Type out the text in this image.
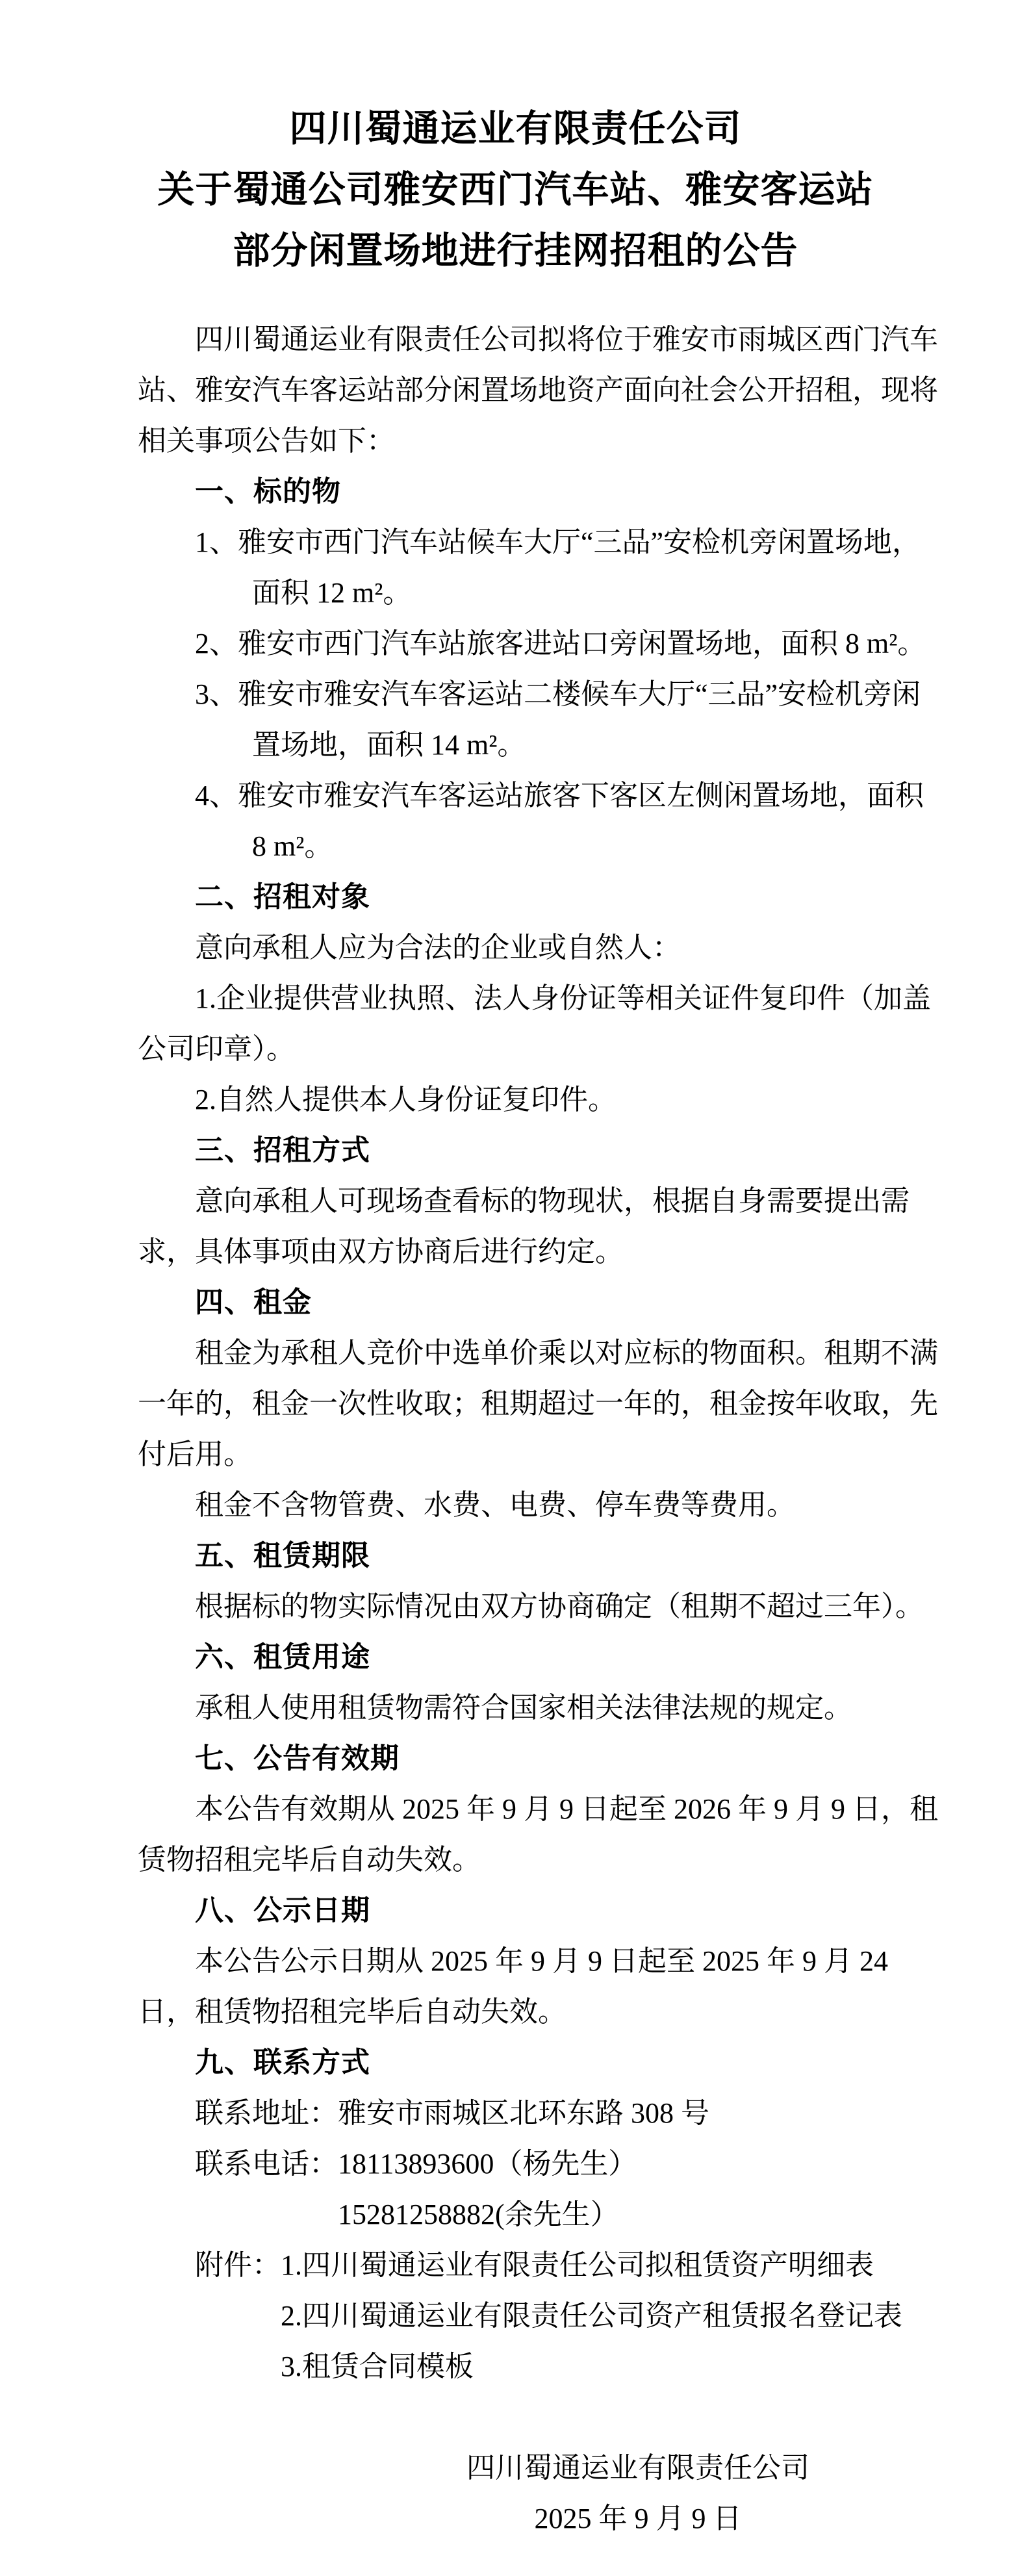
四川蜀通运业有限责任公司
关于蜀通公司雅安西门汽车站、雅安客运站
部分闲置场地进行挂网招租的公告

四川蜀通运业有限责任公司拟将位于雅安市雨城区西门汽车站、雅安汽车客运站部分闲置场地资产面向社会公开招租，现将相关事项公告如下：

一、标的物

1、雅安市西门汽车站候车大厅“三品”安检机旁闲置场地，面积 12 m²。

2、雅安市西门汽车站旅客进站口旁闲置场地，面积 8 m²。

3、雅安市雅安汽车客运站二楼候车大厅“三品”安检机旁闲置场地，面积 14 m²。

4、雅安市雅安汽车客运站旅客下客区左侧闲置场地，面积 8 m²。

二、招租对象

意向承租人应为合法的企业或自然人：

1.企业提供营业执照、法人身份证等相关证件复印件（加盖公司印章）。

2.自然人提供本人身份证复印件。

三、招租方式

意向承租人可现场查看标的物现状，根据自身需要提出需求，具体事项由双方协商后进行约定。

四、租金

租金为承租人竞价中选单价乘以对应标的物面积。租期不满一年的，租金一次性收取；租期超过一年的，租金按年收取，先付后用。

租金不含物管费、水费、电费、停车费等费用。

五、租赁期限

根据标的物实际情况由双方协商确定（租期不超过三年）。

六、租赁用途

承租人使用租赁物需符合国家相关法律法规的规定。

七、公告有效期

本公告有效期从 2025 年 9 月 9 日起至 2026 年 9 月 9 日，租赁物招租完毕后自动失效。

八、公示日期

本公告公示日期从 2025 年 9 月 9 日起至 2025 年 9 月 24 日，租赁物招租完毕后自动失效。

九、联系方式

联系地址：雅安市雨城区北环东路 308 号

联系电话：18113893600（杨先生）

15281258882(余先生）

附件：1.四川蜀通运业有限责任公司拟租赁资产明细表
2.四川蜀通运业有限责任公司资产租赁报名登记表
3.租赁合同模板

四川蜀通运业有限责任公司

2025 年 9 月 9 日
